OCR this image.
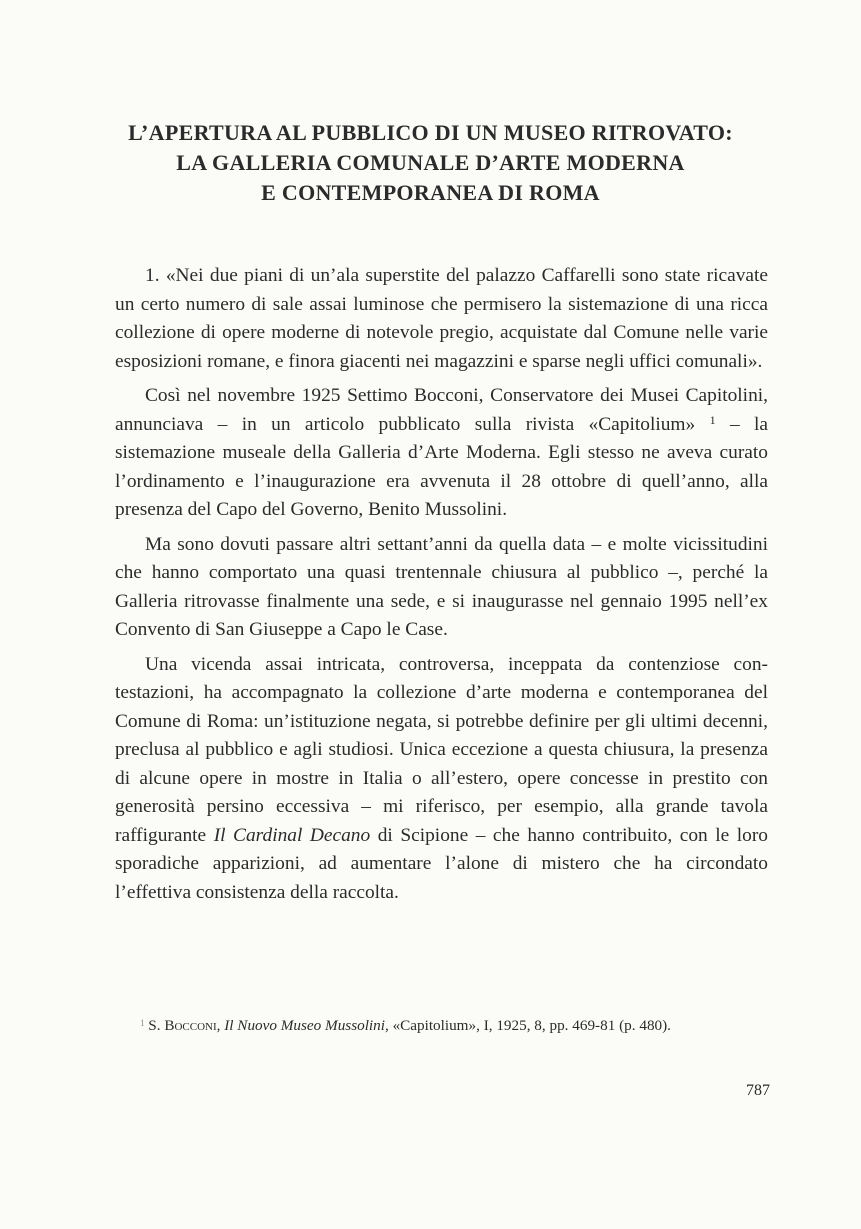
L’APERTURA AL PUBBLICO DI UN MUSEO RITROVATO:
LA GALLERIA COMUNALE D’ARTE MODERNA
E CONTEMPORANEA DI ROMA

1. «Nei due piani di un’ala superstite del palazzo Caffarelli sono state ricavate un certo numero di sale assai luminose che permisero la sistemazione di una ricca collezione di opere moderne di notevole pregio, acquistate dal Comune nelle varie esposizioni romane, e finora giacenti nei magazzini e sparse negli uffici comunali».

Così nel novembre 1925 Settimo Bocconi, Conservatore dei Musei Capitolini, annunciava – in un articolo pubblicato sulla rivista «Capitolium» $^1$ – la sistemazione museale della Galleria d’Arte Moderna. Egli stesso ne aveva curato l’ordinamento e l’inaugurazione era avvenuta il 28 ottobre di quell’anno, alla presenza del Capo del Governo, Benito Mussolini.

Ma sono dovuti passare altri settant’anni da quella data – e molte vicissitudini che hanno comportato una quasi trentennale chiusura al pubblico –, perché la Galleria ritrovasse finalmente una sede, e si inaugurasse nel gennaio 1995 nell’ex Convento di San Giuseppe a Capo le Case.

Una vicenda assai intricata, controversa, inceppata da contenziose contestazioni, ha accompagnato la collezione d’arte moderna e contemporanea del Comune di Roma: un’istituzione negata, si potrebbe definire per gli ultimi decenni, preclusa al pubblico e agli studiosi. Unica eccezione a questa chiusura, la presenza di alcune opere in mostre in Italia o all’estero, opere concesse in prestito con generosità persino eccessiva – mi riferisco, per esempio, alla grande tavola raffigurante Il Cardinal Decano di Scipione – che hanno contribuito, con le loro sporadiche apparizioni, ad aumentare l’alone di mistero che ha circondato l’effettiva consistenza della raccolta.

$^1$ S. Bocconi, Il Nuovo Museo Mussolini, «Capitolium», I, 1925, 8, pp. 469-81 (p. 480).

787
